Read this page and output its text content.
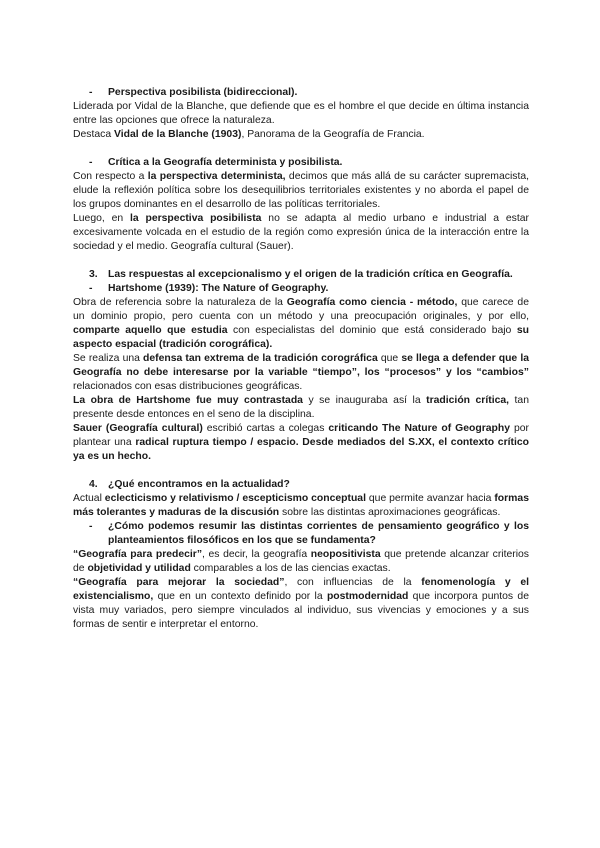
-	Perspectiva posibilista (bidireccional).

Liderada por Vidal de la Blanche, que defiende que es el hombre el que decide en última instancia entre las opciones que ofrece la naturaleza.

Destaca Vidal de la Blanche (1903), Panorama de la Geografía de Francia.

-	Crítica a la Geografía determinista y posibilista.

Con respecto a la perspectiva determinista, decimos que más allá de su carácter supremacista, elude la reflexión política sobre los desequilibrios territoriales existentes y no aborda el papel de los grupos dominantes en el desarrollo de las políticas territoriales.

Luego, en la perspectiva posibilista no se adapta al medio urbano e industrial a estar excesivamente volcada en el estudio de la región como expresión única de la interacción entre la sociedad y el medio. Geografía cultural (Sauer).

3. Las respuestas al excepcionalismo y el origen de la tradición crítica en Geografía.
-	Hartshome (1939): The Nature of Geography.

Obra de referencia sobre la naturaleza de la Geografía como ciencia - método, que carece de un dominio propio, pero cuenta con un método y una preocupación originales, y por ello, comparte aquello que estudia con especialistas del dominio que está considerado bajo su aspecto espacial (tradición corográfica).

Se realiza una defensa tan extrema de la tradición corográfica que se llega a defender que la Geografía no debe interesarse por la variable “tiempo”, los “procesos” y los “cambios” relacionados con esas distribuciones geográficas.

La obra de Hartshome fue muy contrastada y se inauguraba así la tradición crítica, tan presente desde entonces en el seno de la disciplina.

Sauer (Geografía cultural) escribió cartas a colegas criticando The Nature of Geography por plantear una radical ruptura tiempo / espacio. Desde mediados del S.XX, el contexto crítico ya es un hecho.

4. ¿Qué encontramos en la actualidad?

Actual eclecticismo y relativismo / escepticismo conceptual que permite avanzar hacia formas más tolerantes y maduras de la discusión sobre las distintas aproximaciones geográficas.

-	¿Cómo podemos resumir las distintas corrientes de pensamiento geográfico y los planteamientos filosóficos en los que se fundamenta?

“Geografía para predecir”, es decir, la geografía neopositivista que pretende alcanzar criterios de objetividad y utilidad comparables a los de las ciencias exactas.

“Geografía para mejorar la sociedad”, con influencias de la fenomenología y el existencialismo, que en un contexto definido por la postmodernidad que incorpora puntos de vista muy variados, pero siempre vinculados al individuo, sus vivencias y emociones y a sus formas de sentir e interpretar el entorno.
